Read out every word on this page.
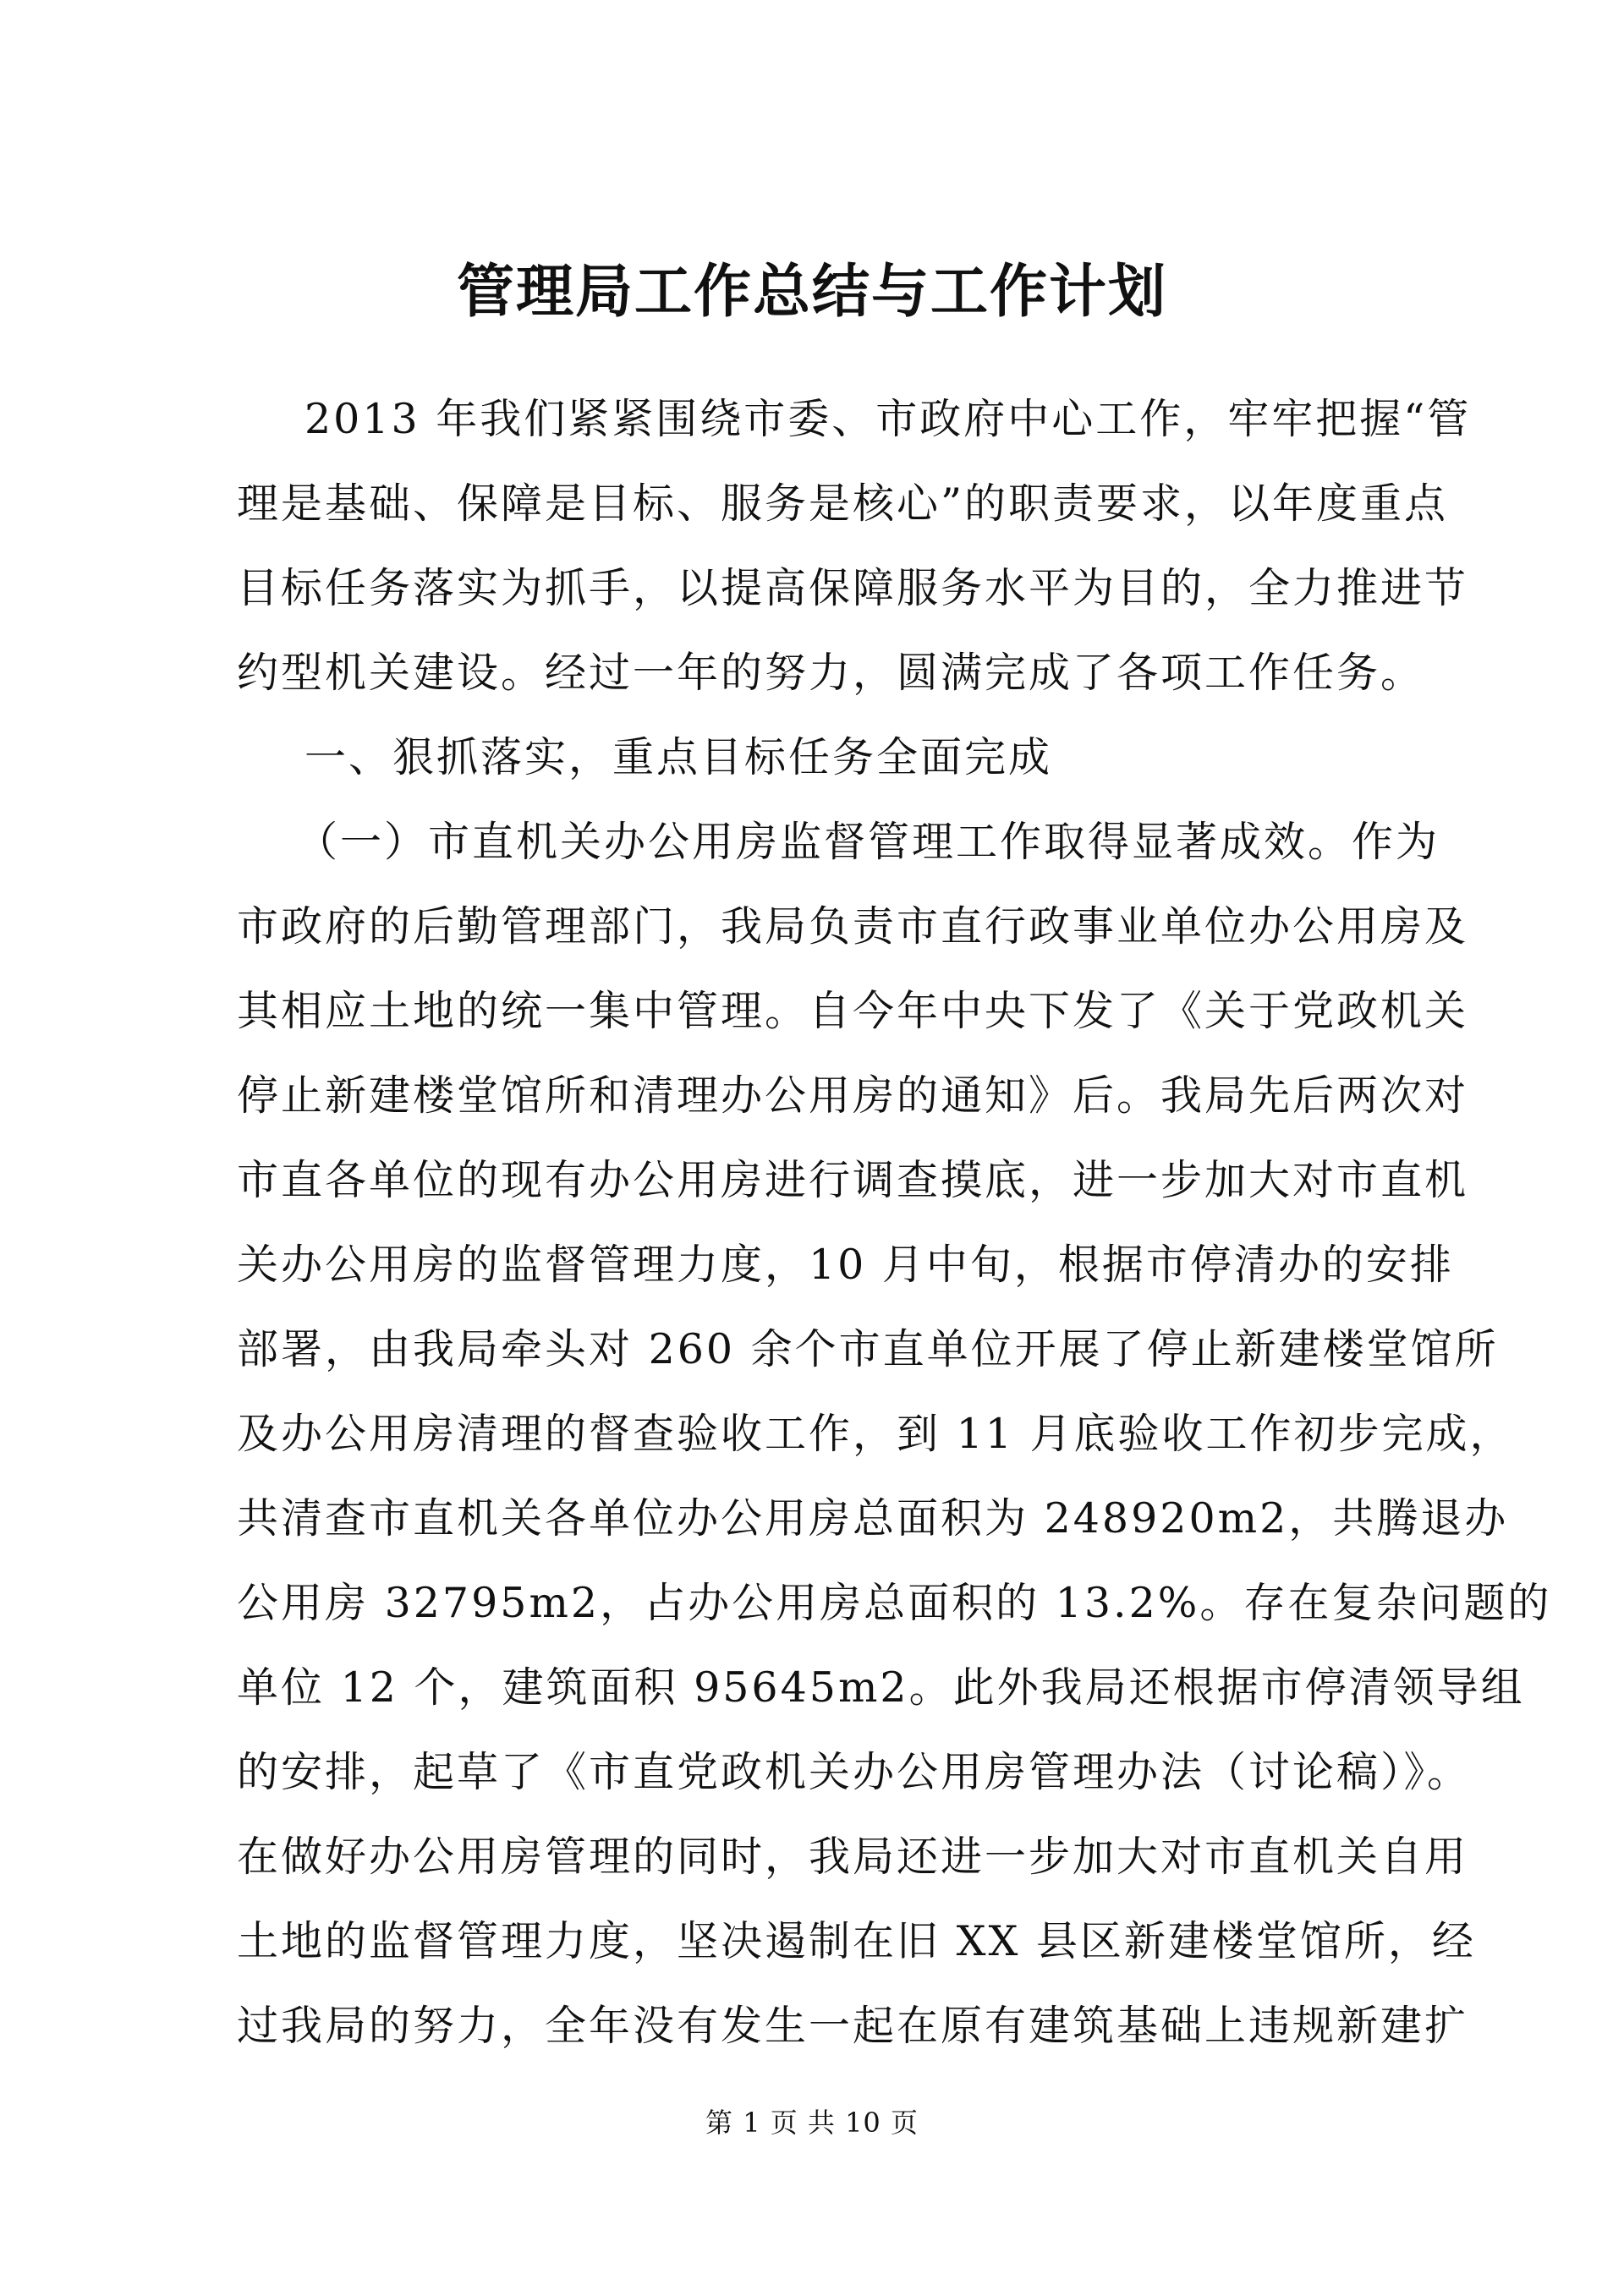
管理局工作总结与工作计划
2013 年我们紧紧围绕市委、市政府中心工作，牢牢把握“管
理是基础、保障是目标、服务是核心”的职责要求，以年度重点
目标任务落实为抓手，以提高保障服务水平为目的，全力推进节
约型机关建设。经过一年的努力，圆满完成了各项工作任务。
一、狠抓落实，重点目标任务全面完成
（一）市直机关办公用房监督管理工作取得显著成效。作为
市政府的后勤管理部门，我局负责市直行政事业单位办公用房及
其相应土地的统一集中管理。自今年中央下发了《关于党政机关
停止新建楼堂馆所和清理办公用房的通知》后。我局先后两次对
市直各单位的现有办公用房进行调查摸底，进一步加大对市直机
关办公用房的监督管理力度，10 月中旬，根据市停清办的安排
部署，由我局牵头对 260 余个市直单位开展了停止新建楼堂馆所
及办公用房清理的督查验收工作，到 11 月底验收工作初步完成，
共清查市直机关各单位办公用房总面积为 248920m2，共腾退办
公用房 32795m2，占办公用房总面积的 13.2%。存在复杂问题的
单位 12 个，建筑面积 95645m2。此外我局还根据市停清领导组
的安排，起草了《市直党政机关办公用房管理办法（讨论稿）》。
在做好办公用房管理的同时，我局还进一步加大对市直机关自用
土地的监督管理力度，坚决遏制在旧 XX 县区新建楼堂馆所，经
过我局的努力，全年没有发生一起在原有建筑基础上违规新建扩
第 1 页 共 10 页
